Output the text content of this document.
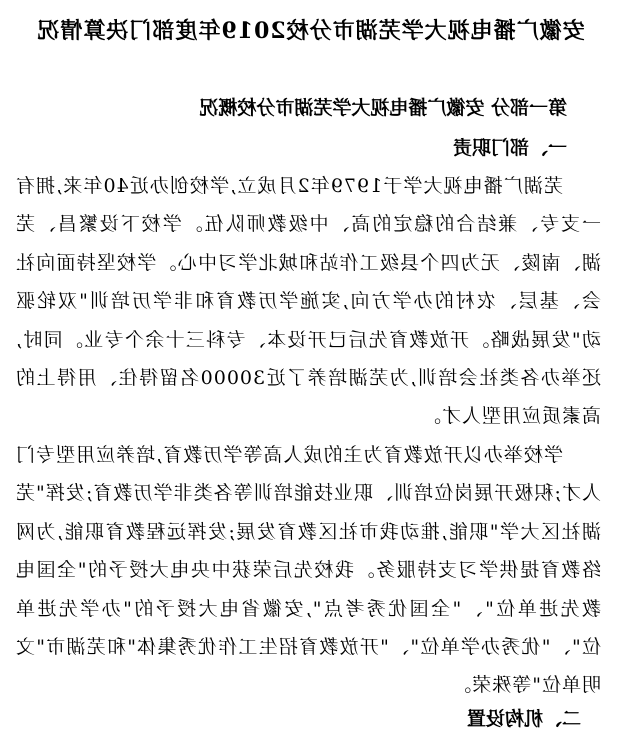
安徽广播电视大学芜湖市分校2019年度部门决算情况
第一部分 安徽广播电视大学芜湖市分校概况
一、部门职责

芜湖广播电视大学于1979年2月成立,学校创办近40年来,拥有一支专、兼结合的稳定的高、中级教师队伍。学校下设繁昌、芜湖、南陵、无为四个县级工作站和城北学习中心。学校坚持面向社会、基层、农村的办学方向,实施学历教育和非学历培训"双轮驱动"发展战略。开放教育先后已开设本、专科三十余个专业。同时,还举办各类社会培训,为芜湖培养了近30000名留得住、用得上的高素质应用型人才。

学校举办以开放教育为主的成人高等学历教育,培养应用型专门人才;积极开展岗位培训、职业技能培训等各类非学历教育;发挥"芜湖社区大学"职能,推动我市社区教育发展;发挥远程教育职能,为网络教育提供学习支持服务。我校先后荣获中央电大授予的"全国电教先进单位"、"全国优秀考点",安徽省电大授予的"办学先进单位"、"优秀办学单位"、"开放教育招生工作优秀集体"和芜湖市"文明单位"等殊荣。

二、机构设置
